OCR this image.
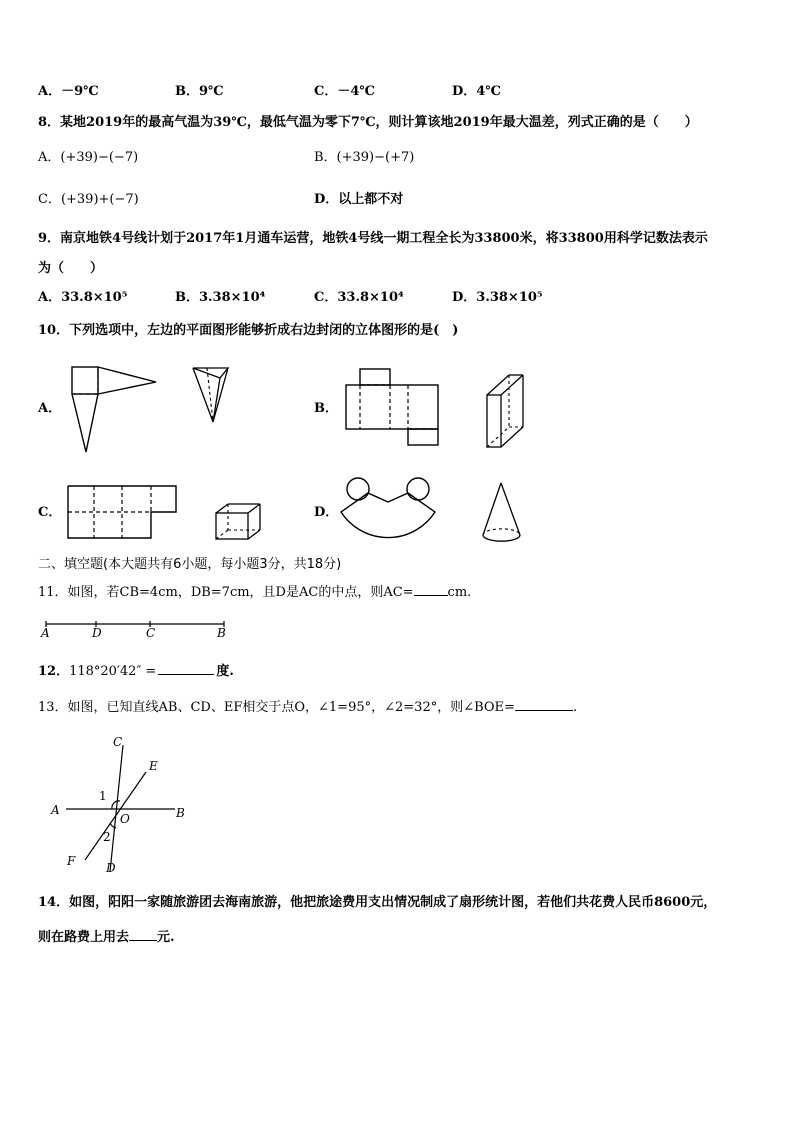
A．－9℃	B．9℃	C．－4℃	D．4℃
8．某地2019年的最高气温为39℃，最低气温为零下7℃，则计算该地2019年最大温差，列式正确的是（　　）
A．(+39)−(−7)	B．(+39)−(+7)
C．(+39)+(−7)	D．以上都不对
9．南京地铁4号线计划于2017年1月通车运营，地铁4号线一期工程全长为33800米，将33800用科学记数法表示
为（　　）
A．33.8×10⁵	B．3.38×10⁴	C．33.8×10⁴	D．3.38×10⁵
10．下列选项中，左边的平面图形能够折成右边封闭的立体图形的是(　)
A．	B．
C．	D．
二、填空题(本大题共有6小题，每小题3分，共18分)
11．如图，若CB=4cm，DB=7cm，且D是AC的中点，则AC=	cm.
A	D	C	B
12．118°20′42″ =	度.
13．如图，已知直线AB、CD、EF相交于点O，∠1=95°，∠2=32°，则∠BOE=	.
C
E
A	B
O
F	D
1
2
14．如图，阳阳一家随旅游团去海南旅游，他把旅途费用支出情况制成了扇形统计图，若他们共花费人民币8600元，
则在路费上用去 元.
